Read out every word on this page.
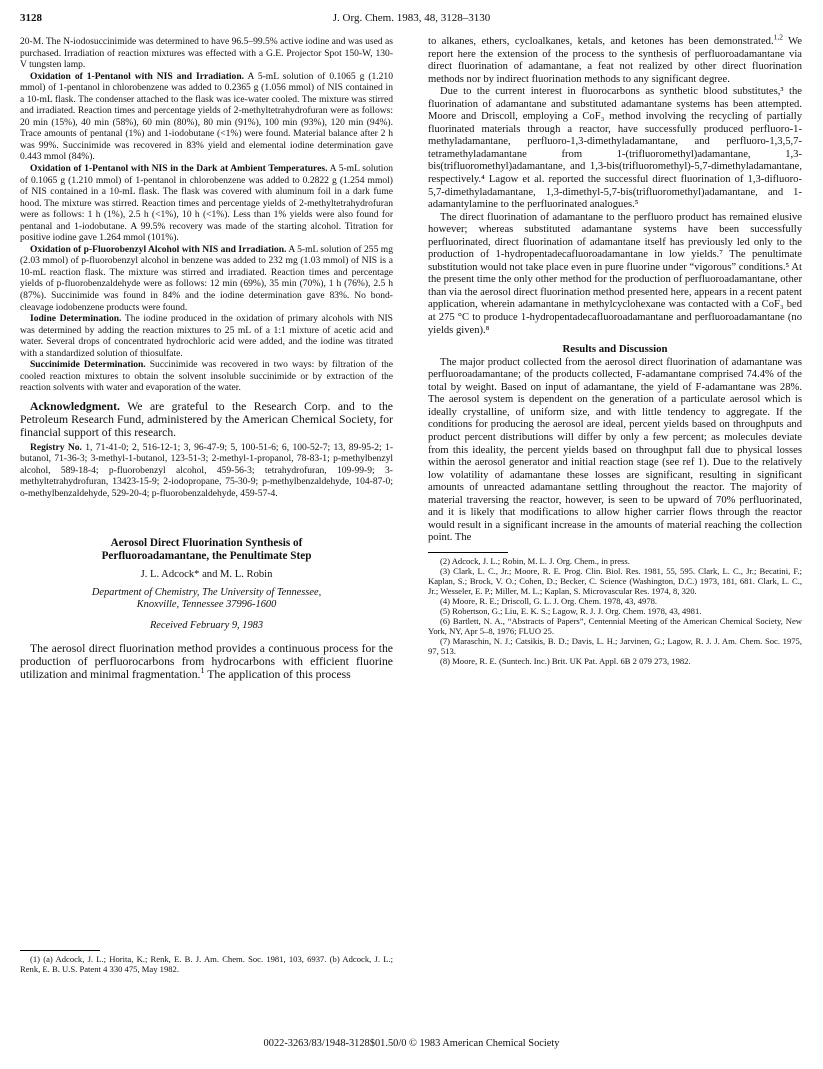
3128	J. Org. Chem. 1983, 48, 3128–3130

20-M. The N-iodosuccinimide was determined to have 96.5–99.5% active iodine and was used as purchased. Irradiation of reaction mixtures was effected with a G.E. Projector Spot 150-W, 130-V tungsten lamp.

Oxidation of 1-Pentanol with NIS and Irradiation. A 5-mL solution of 0.1065 g (1.210 mmol) of 1-pentanol in chlorobenzene was added to 0.2365 g (1.056 mmol) of NIS contained in a 10-mL flask. The condenser attached to the flask was ice-water cooled. The mixture was stirred and irradiated. Reaction times and percentage yields of 2-methyltetrahydrofuran were as follows: 20 min (15%), 40 min (58%), 60 min (80%), 80 min (91%), 100 min (93%), 120 min (94%). Trace amounts of pentanal (1%) and 1-iodobutane (<1%) were found. Material balance after 2 h was 99%. Succinimide was recovered in 83% yield and elemental iodine determination gave 0.443 mmol (84%).

Oxidation of 1-Pentanol with NIS in the Dark at Ambient Temperatures. A 5-mL solution of 0.1065 g (1.210 mmol) of 1-pentanol in chlorobenzene was added to 0.2822 g (1.254 mmol) of NIS contained in a 10-mL flask. The flask was covered with aluminum foil in a dark fume hood. The mixture was stirred. Reaction times and percentage yields of 2-methyltetrahydrofuran were as follows: 1 h (1%), 2.5 h (<1%), 10 h (<1%). Less than 1% yields were also found for pentanal and 1-iodobutane. A 99.5% recovery was made of the starting alcohol. Titration for positive iodine gave 1.264 mmol (101%).

Oxidation of p-Fluorobenzyl Alcohol with NIS and Irradiation. A 5-mL solution of 255 mg (2.03 mmol) of p-fluorobenzyl alcohol in benzene was added to 232 mg (1.03 mmol) of NIS is a 10-mL reaction flask. The mixture was stirred and irradiated. Reaction times and percentage yields of p-fluorobenzaldehyde were as follows: 12 min (69%), 35 min (70%), 1 h (76%), 2.5 h (87%). Succinimide was found in 84% and the iodine determination gave 83%. No bond-cleavage iodobenzene products were found.

Iodine Determination. The iodine produced in the oxidation of primary alcohols with NIS was determined by adding the reaction mixtures to 25 mL of a 1:1 mixture of acetic acid and water. Several drops of concentrated hydrochloric acid were added, and the iodine was titrated with a standardized solution of thiosulfate.

Succinimide Determination. Succinimide was recovered in two ways: by filtration of the cooled reaction mixtures to obtain the solvent insoluble succinimide or by extraction of the reaction solvents with water and evaporation of the water.

Acknowledgment. We are grateful to the Research Corp. and to the Petroleum Research Fund, administered by the American Chemical Society, for financial support of this research.

Registry No. 1, 71-41-0; 2, 516-12-1; 3, 96-47-9; 5, 100-51-6; 6, 100-52-7; 13, 89-95-2; 1-butanol, 71-36-3; 3-methyl-1-butanol, 123-51-3; 2-methyl-1-propanol, 78-83-1; p-methylbenzyl alcohol, 589-18-4; p-fluorobenzyl alcohol, 459-56-3; tetrahydrofuran, 109-99-9; 3-methyltetrahydrofuran, 13423-15-9; 2-iodopropane, 75-30-9; p-methylbenzaldehyde, 104-87-0; o-methylbenzaldehyde, 529-20-4; p-fluorobenzaldehyde, 459-57-4.

Aerosol Direct Fluorination Synthesis of
Perfluoroadamantane, the Penultimate Step
J. L. Adcock* and M. L. Robin
Department of Chemistry, The University of Tennessee,
Knoxville, Tennessee 37996-1600
Received February 9, 1983

The aerosol direct fluorination method provides a continuous process for the production of perfluorocarbons from hydrocarbons with efficient fluorine utilization and minimal fragmentation.$^1$ The application of this process

(1) (a) Adcock, J. L.; Horita, K.; Renk, E. B. J. Am. Chem. Soc. 1981, 103, 6937. (b) Adcock, J. L.; Renk, E. B. U.S. Patent 4 330 475, May 1982.

to alkanes, ethers, cycloalkanes, ketals, and ketones has been demonstrated.$^{1,2}$ We report here the extension of the process to the synthesis of perfluoroadamantane via direct fluorination of adamantane, a feat not realized by other direct fluorination methods nor by indirect fluorination methods to any significant degree.

Due to the current interest in fluorocarbons as synthetic blood substitutes,³ the fluorination of adamantane and substituted adamantane systems has been attempted. Moore and Driscoll, employing a CoF₃ method involving the recycling of partially fluorinated materials through a reactor, have successfully produced perfluoro-1-methyladamantane, perfluoro-1,3-dimethyladamantane, and perfluoro-1,3,5,7-tetramethyladamantane from 1-(trifluoromethyl)adamantane, 1,3-bis(trifluoromethyl)adamantane, and 1,3-bis(trifluoromethyl)-5,7-dimethyladamantane, respectively.⁴ Lagow et al. reported the successful direct fluorination of 1,3-difluoro-5,7-dimethyladamantane, 1,3-dimethyl-5,7-bis(trifluoromethyl)adamantane, and 1-adamantylamine to the perfluorinated analogues.⁵

The direct fluorination of adamantane to the perfluoro product has remained elusive however; whereas substituted adamantane systems have been successfully perfluorinated, direct fluorination of adamantane itself has previously led only to the production of 1-hydropentadecafluoroadamantane in low yields.⁷ The penultimate substitution would not take place even in pure fluorine under “vigorous” conditions.⁵ At the present time the only other method for the production of perfluoroadamantane, other than via the aerosol direct fluorination method presented here, appears in a recent patent application, wherein adamantane in methylcyclohexane was contacted with a CoF₃ bed at 275 °C to produce 1-hydropentadecafluoroadamantane and perfluoroadamantane (no yields given).⁸

Results and Discussion

The major product collected from the aerosol direct fluorination of adamantane was perfluoroadamantane; of the products collected, F-adamantane comprised 74.4% of the total by weight. Based on input of adamantane, the yield of F-adamantane was 28%. The aerosol system is dependent on the generation of a particulate aerosol which is ideally crystalline, of uniform size, and with little tendency to aggregate. If the conditions for producing the aerosol are ideal, percent yields based on throughputs and product percent distributions will differ by only a few percent; as molecules deviate from this ideality, the percent yields based on throughput fall due to physical losses within the aerosol generator and initial reaction stage (see ref 1). Due to the relatively low volatility of adamantane these losses are significant, resulting in significant amounts of unreacted adamantane settling throughout the reactor. The majority of material traversing the reactor, however, is seen to be upward of 70% perfluorinated, and it is likely that modifications to allow higher carrier flows through the reactor would result in a significant increase in the amounts of material reaching the collection point. The

(2) Adcock, J. L.; Robin, M. L. J. Org. Chem., in press.

(3) Clark, L. C., Jr.; Moore, R. E. Prog. Clin. Biol. Res. 1981, 55, 595. Clark, L. C., Jr.; Becatini, F.; Kaplan, S.; Brock, V. O.; Cohen, D.; Becker, C. Science (Washington, D.C.) 1973, 181, 681. Clark, L. C., Jr.; Wesseler, E. P.; Miller, M. L.; Kaplan, S. Microvascular Res. 1974, 8, 320.

(4) Moore, R. E.; Driscoll, G. L. J. Org. Chem. 1978, 43, 4978.

(5) Robertson, G.; Liu, E. K. S.; Lagow, R. J. J. Org. Chem. 1978, 43, 4981.

(6) Bartlett, N. A., “Abstracts of Papers”, Centennial Meeting of the American Chemical Society, New York, NY, Apr 5–8, 1976; FLUO 25.

(7) Maraschin, N. J.; Catsikis, B. D.; Davis, L. H.; Jarvinen, G.; Lagow, R. J. J. Am. Chem. Soc. 1975, 97, 513.

(8) Moore, R. E. (Suntech. Inc.) Brit. UK Pat. Appl. 6B 2 079 273, 1982.

0022-3263/83/1948-3128$01.50/0 © 1983 American Chemical Society
